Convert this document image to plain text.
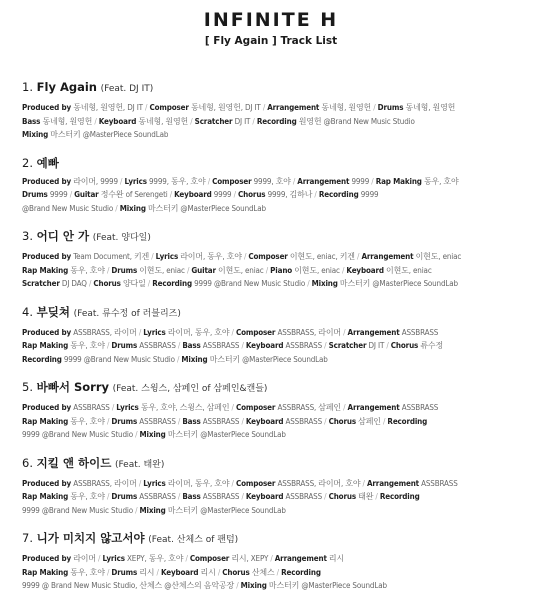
INFINITE H
[ Fly Again ] Track List
1. Fly Again (Feat. DJ IT)
Produced by 동네형, 원영헌, DJ IT / Composer 동네형, 원영헌, DJ IT / Arrangement 동네형, 원영헌 / Drums 동네형, 원영헌
Bass 동네형, 원영헌 / Keyboard 동네형, 원영헌 / Scratcher DJ IT / Recording 원영헌 @Brand New Music Studio
Mixing 마스터키 @MasterPiece SoundLab
2. 예빠
Produced by 라이머, 9999 / Lyrics 9999, 동우, 호야 / Composer 9999, 호야 / Arrangement 9999 / Rap Making 동우, 호야
Drums 9999 / Guitar 정수완 of Serengeti / Keyboard 9999 / Chorus 9999, 김하나 / Recording 9999
@Brand New Music Studio / Mixing 마스터키 @MasterPiece SoundLab
3. 어디 안 가 (Feat. 양다일)
Produced by Team Document, 키겐 / Lyrics 라이머, 동우, 호야 / Composer 이현도, eniac, 키겐 / Arrangement 이현도, eniac
Rap Making 동우, 호야 / Drums 이현도, eniac / Guitar 이현도, eniac / Piano 이현도, eniac / Keyboard 이현도, eniac
Scratcher DJ DAQ / Chorus 양다일 / Recording 9999 @Brand New Music Studio / Mixing 마스터키 @MasterPiece SoundLab
4. 부딪쳐 (Feat. 류수정 of 러블리즈)
Produced by ASSBRASS, 라이머 / Lyrics 라이머, 동우, 호야 / Composer ASSBRASS, 라이머 / Arrangement ASSBRASS
Rap Making 동우, 호야 / Drums ASSBRASS / Bass ASSBRASS / Keyboard ASSBRASS / Scratcher DJ IT / Chorus 류수정
Recording 9999 @Brand New Music Studio / Mixing 마스터키 @MasterPiece SoundLab
5. 바빠서 Sorry (Feat. 스윙스, 삼페인 of 삼페인&캔들)
Produced by ASSBRASS / Lyrics 동우, 호야, 스윙스, 삼페인 / Composer ASSBRASS, 삼페인 / Arrangement ASSBRASS
Rap Making 동우, 호야 / Drums ASSBRASS / Bass ASSBRASS / Keyboard ASSBRASS / Chorus 삼페인 / Recording
9999 @Brand New Music Studio / Mixing 마스터키 @MasterPiece SoundLab
6. 지킬 앤 하이드 (Feat. 태완)
Produced by ASSBRASS, 라이머 / Lyrics 라이머, 동우, 호야 / Composer ASSBRASS, 라이머, 호야 / Arrangement ASSBRASS
Rap Making 동우, 호야 / Drums ASSBRASS / Bass ASSBRASS / Keyboard ASSBRASS / Chorus 태완 / Recording
9999 @Brand New Music Studio / Mixing 마스터키 @MasterPiece SoundLab
7. 니가 미치지 않고서야 (Feat. 산체스 of 팬텀)
Produced by 라이머 / Lyrics XEPY, 동우, 호야 / Composer 리시, XEPY / Arrangement 리시
Rap Making 동우, 호야 / Drums 리시 / Keyboard 리시 / Chorus 산체스 / Recording
9999 @ Brand New Music Studio, 산체스 @산체스의 음악공장 / Mixing 마스터키 @MasterPiece SoundLab
